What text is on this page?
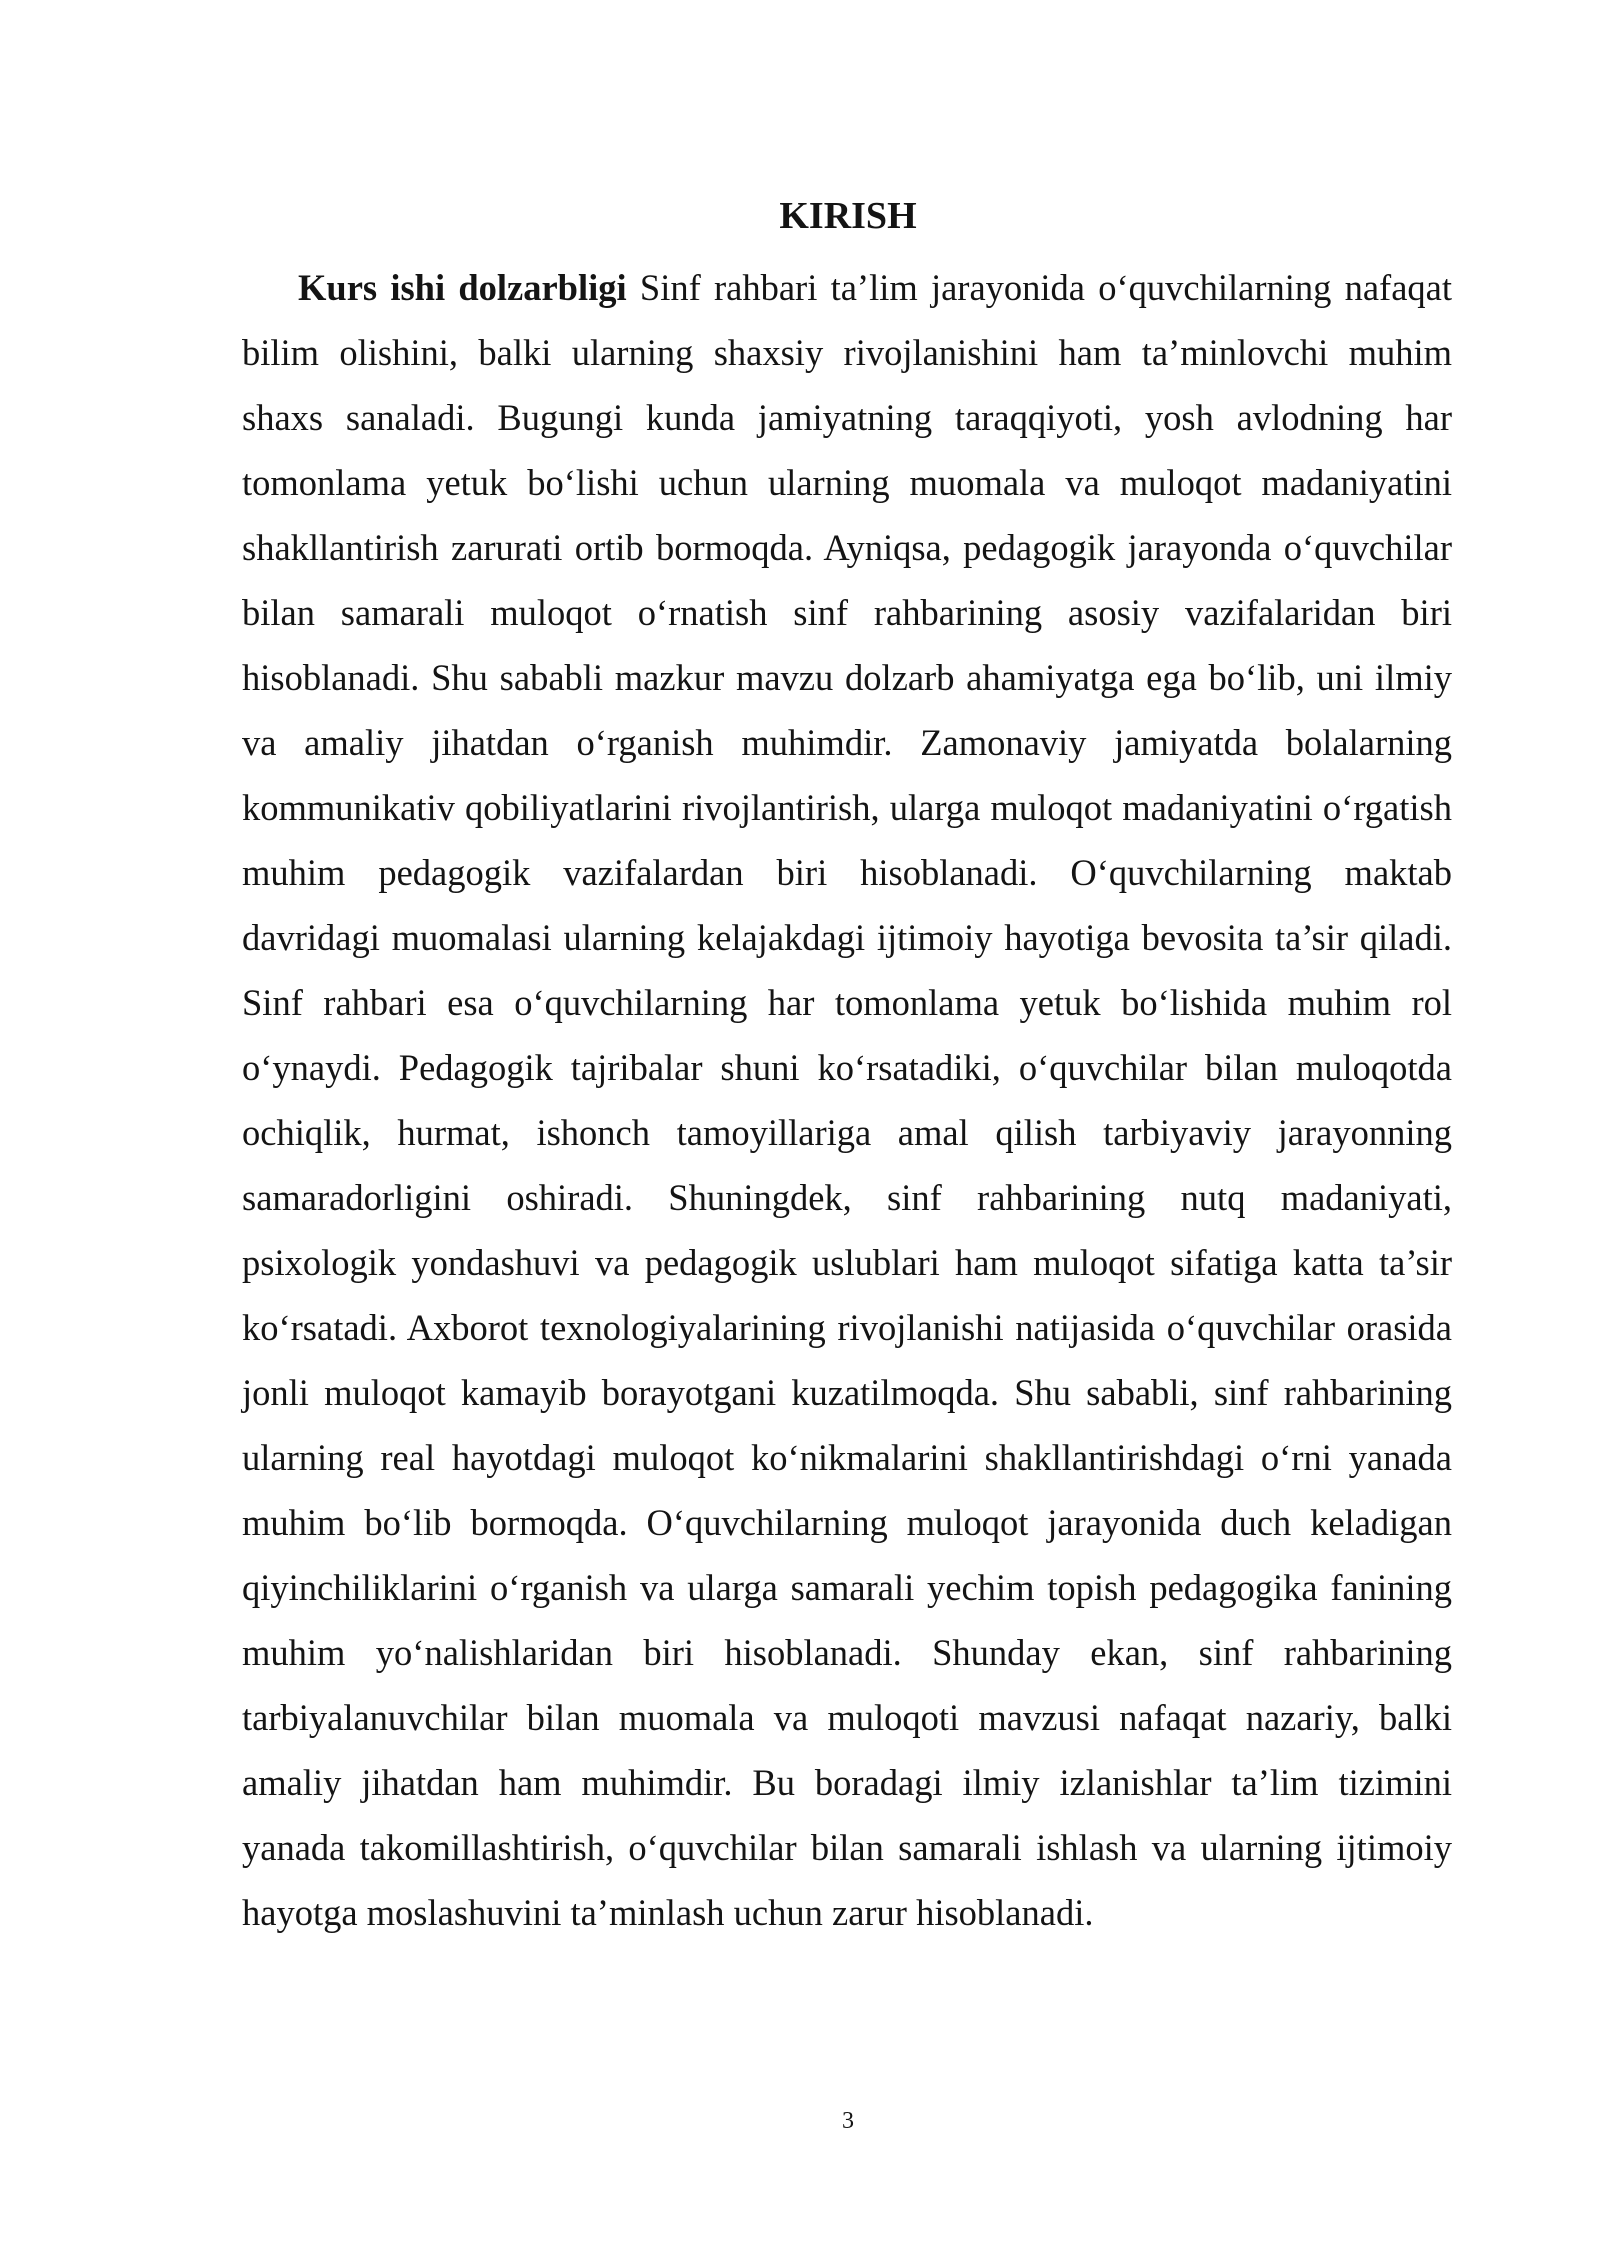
KIRISH

Kurs ishi dolzarbligi Sinf rahbari ta’lim jarayonida o‘quvchilarning nafaqat bilim olishini, balki ularning shaxsiy rivojlanishini ham ta’minlovchi muhim shaxs sanaladi. Bugungi kunda jamiyatning taraqqiyoti, yosh avlodning har tomonlama yetuk bo‘lishi uchun ularning muomala va muloqot madaniyatini shakllantirish zarurati ortib bormoqda. Ayniqsa, pedagogik jarayonda o‘quvchilar bilan samarali muloqot o‘rnatish sinf rahbarining asosiy vazifalaridan biri hisoblanadi. Shu sababli mazkur mavzu dolzarb ahamiyatga ega bo‘lib, uni ilmiy va amaliy jihatdan o‘rganish muhimdir. Zamonaviy jamiyatda bolalarning kommunikativ qobiliyatlarini rivojlantirish, ularga muloqot madaniyatini o‘rgatish muhim pedagogik vazifalardan biri hisoblanadi. O‘quvchilarning maktab davridagi muomalasi ularning kelajakdagi ijtimoiy hayotiga bevosita ta’sir qiladi. Sinf rahbari esa o‘quvchilarning har tomonlama yetuk bo‘lishida muhim rol o‘ynaydi. Pedagogik tajribalar shuni ko‘rsatadiki, o‘quvchilar bilan muloqotda ochiqlik, hurmat, ishonch tamoyillariga amal qilish tarbiyaviy jarayonning samaradorligini oshiradi. Shuningdek, sinf rahbarining nutq madaniyati, psixologik yondashuvi va pedagogik uslublari ham muloqot sifatiga katta ta’sir ko‘rsatadi. Axborot texnologiyalarining rivojlanishi natijasida o‘quvchilar orasida jonli muloqot kamayib borayotgani kuzatilmoqda. Shu sababli, sinf rahbarining ularning real hayotdagi muloqot ko‘nikmalarini shakllantirishdagi o‘rni yanada muhim bo‘lib bormoqda. O‘quvchilarning muloqot jarayonida duch keladigan qiyinchiliklarini o‘rganish va ularga samarali yechim topish pedagogika fanining muhim yo‘nalishlaridan biri hisoblanadi. Shunday ekan, sinf rahbarining tarbiyalanuvchilar bilan muomala va muloqoti mavzusi nafaqat nazariy, balki amaliy jihatdan ham muhimdir. Bu boradagi ilmiy izlanishlar ta’lim tizimini yanada takomillashtirish, o‘quvchilar bilan samarali ishlash va ularning ijtimoiy hayotga moslashuvini ta’minlash uchun zarur hisoblanadi.

3
